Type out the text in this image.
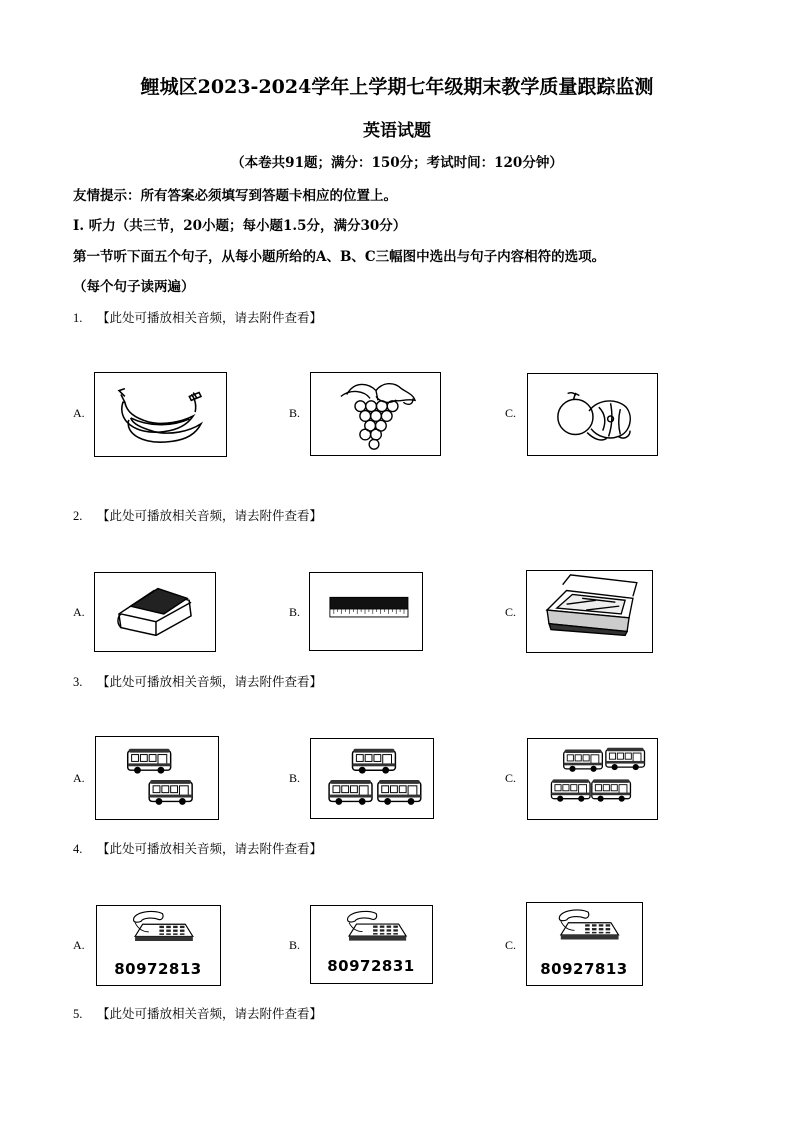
鲤城区2023-2024学年上学期七年级期末教学质量跟踪监测
英语试题
（本卷共91题；满分：150分；考试时间：120分钟）
友情提示：所有答案必须填写到答题卡相应的位置上。
Ⅰ. 听力（共三节，20小题；每小题1.5分，满分30分）
第一节听下面五个句子，从每小题所给的A、B、C三幅图中选出与句子内容相符的选项。
（每个句子读两遍）
1. 【此处可播放相关音频，请去附件查看】
A.	B.	C.
2. 【此处可播放相关音频，请去附件查看】
A.	B.	C.
3. 【此处可播放相关音频，请去附件查看】
A.	B.	C.
4. 【此处可播放相关音频，请去附件查看】
A.
80972813
B.
80972831
C.
80927813
5. 【此处可播放相关音频，请去附件查看】
